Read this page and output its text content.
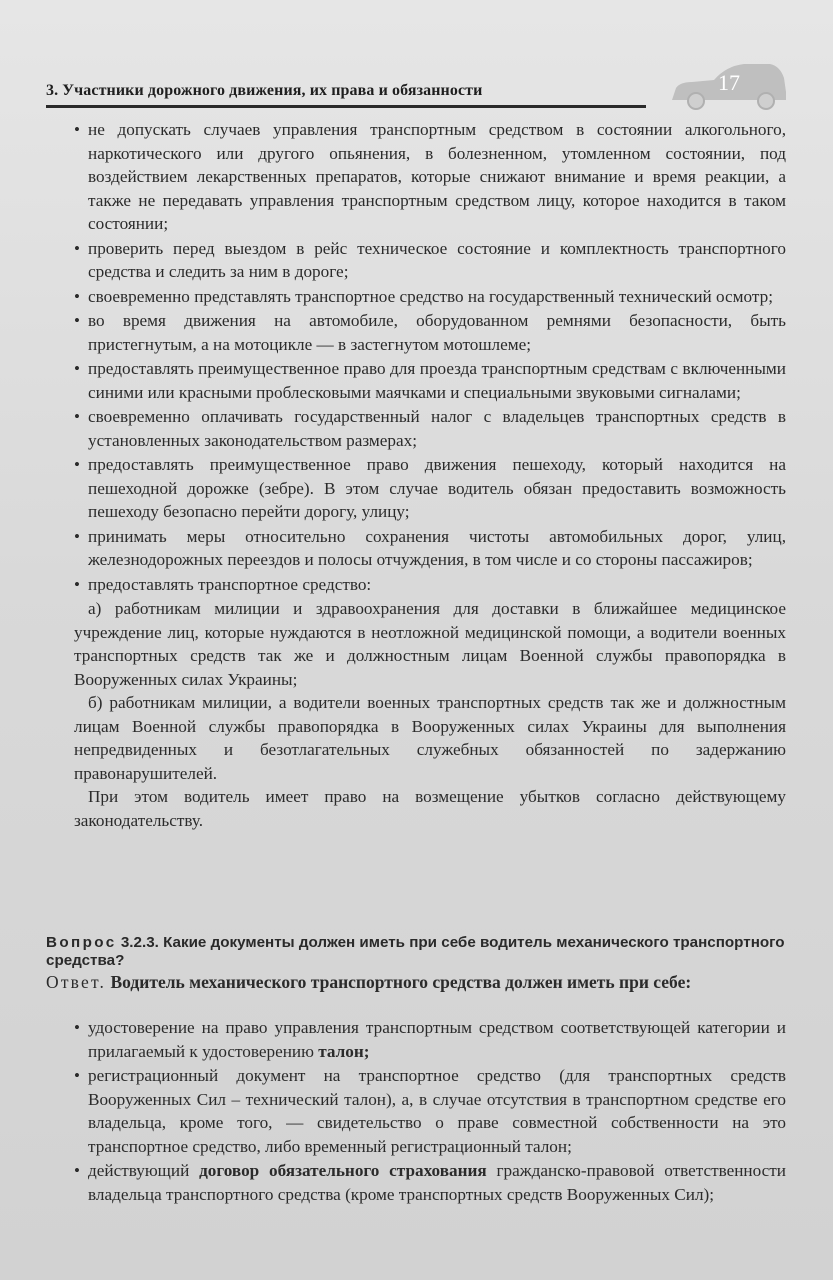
3. Участники дорожного движения, их права и обязанности	17

• не допускать случаев управления транспортным средством в состоянии алкогольного, наркотического или другого опьянения, в болезненном, утомленном состоянии, под воздействием лекарственных препаратов, которые снижают внимание и время реакции, а также не передавать управления транспортным средством лицу, которое находится в таком состоянии;

• проверить перед выездом в рейс техническое состояние и комплектность транспортного средства и следить за ним в дороге;

• своевременно представлять транспортное средство на государственный технический осмотр;

• во время движения на автомобиле, оборудованном ремнями безопасности, быть пристегнутым, а на мотоцикле — в застегнутом мотошлеме;

• предоставлять преимущественное право для проезда транспортным средствам с включенными синими или красными проблесковыми маячками и специальными звуковыми сигналами;

• своевременно оплачивать государственный налог с владельцев транспортных средств в установленных законодательством размерах;

• предоставлять преимущественное право движения пешеходу, который находится на пешеходной дорожке (зебре). В этом случае водитель обязан предоставить возможность пешеходу безопасно перейти дорогу, улицу;

• принимать меры относительно сохранения чистоты автомобильных дорог, улиц, железнодорожных переездов и полосы отчуждения, в том числе и со стороны пассажиров;

• предоставлять транспортное средство:

а) работникам милиции и здравоохранения для доставки в ближайшее медицинское учреждение лиц, которые нуждаются в неотложной медицинской помощи, а водители военных транспортных средств так же и должностным лицам Военной службы правопорядка в Вооруженных силах Украины;

б) работникам милиции, а водители военных транспортных средств так же и должностным лицам Военной службы правопорядка в Вооруженных силах Украины для выполнения непредвиденных и безотлагательных служебных обязанностей по задержанию правонарушителей.

При этом водитель имеет право на возмещение убытков согласно действующему законодательству.

Вопрос 3.2.3. Какие документы должен иметь при себе водитель механического транспортного средства?
Ответ. Водитель механического транспортного средства должен иметь при себе:

• удостоверение на право управления транспортным средством соответствующей категории и прилагаемый к удостоверению талон;

• регистрационный документ на транспортное средство (для транспортных средств Вооруженных Сил – технический талон), а, в случае отсутствия в транспортном средстве его владельца, кроме того, — свидетельство о праве совместной собственности на это транспортное средство, либо временный регистрационный талон;

• действующий договор обязательного страхования гражданско-правовой ответственности владельца транспортного средства (кроме транспортных средств Вооруженных Сил);
